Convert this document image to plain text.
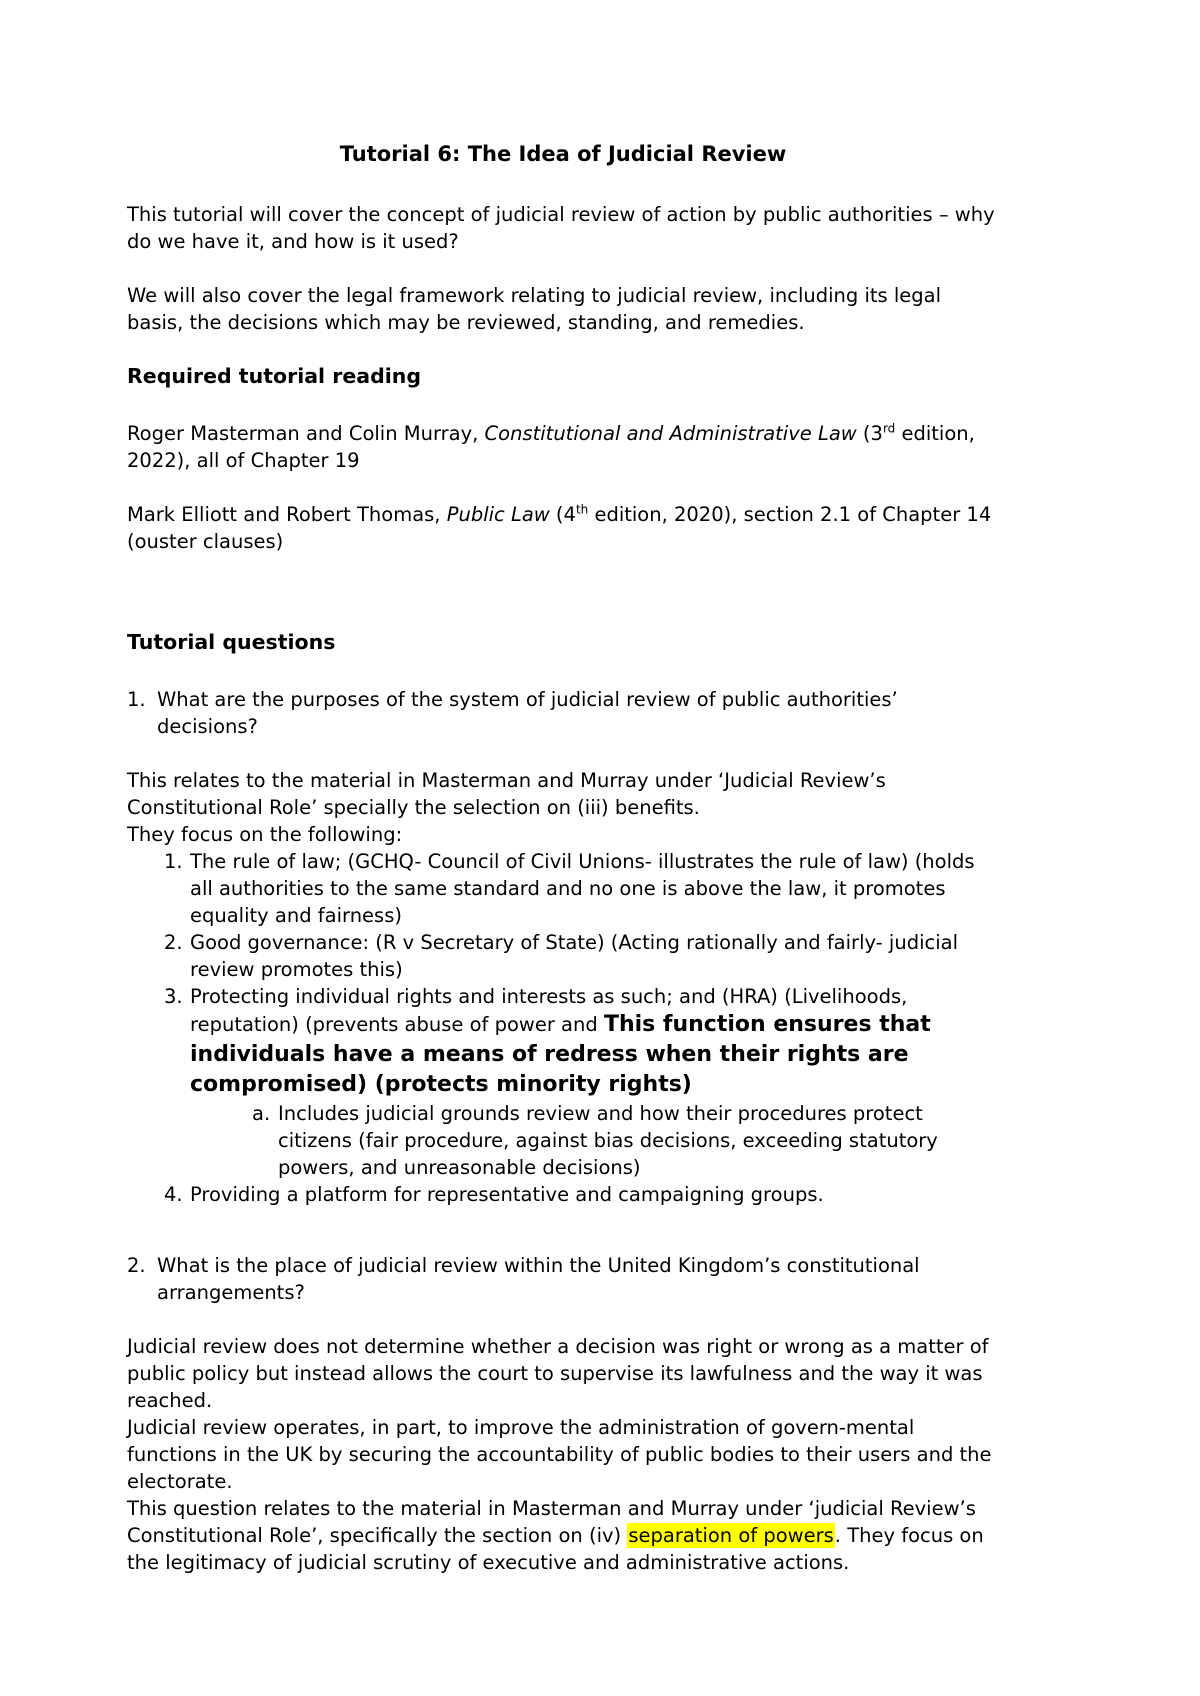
Tutorial 6: The Idea of Judicial Review

This tutorial will cover the concept of judicial review of action by public authorities – why do we have it, and how is it used?

We will also cover the legal framework relating to judicial review, including its legal basis, the decisions which may be reviewed, standing, and remedies.

Required tutorial reading

Roger Masterman and Colin Murray, Constitutional and Administrative Law (3rd edition, 2022), all of Chapter 19

Mark Elliott and Robert Thomas, Public Law (4th edition, 2020), section 2.1 of Chapter 14 (ouster clauses)

Tutorial questions
1. What are the purposes of the system of judicial review of public authorities’ decisions?

This relates to the material in Masterman and Murray under ‘Judicial Review’s Constitutional Role’ specially the selection on (iii) benefits.

They focus on the following:

1. The rule of law; (GCHQ- Council of Civil Unions- illustrates the rule of law) (holds all authorities to the same standard and no one is above the law, it promotes equality and fairness)
2. Good governance: (R v Secretary of State) (Acting rationally and fairly- judicial review promotes this)
3. Protecting individual rights and interests as such; and (HRA) (Livelihoods, reputation) (prevents abuse of power and This function ensures that individuals have a means of redress when their rights are compromised) (protects minority rights)
a. Includes judicial grounds review and how their procedures protect citizens (fair procedure, against bias decisions, exceeding statutory powers, and unreasonable decisions)
4. Providing a platform for representative and campaigning groups.
2. What is the place of judicial review within the United Kingdom’s constitutional arrangements?

Judicial review does not determine whether a decision was right or wrong as a matter of public policy but instead allows the court to supervise its lawfulness and the way it was reached.

Judicial review operates, in part, to improve the administration of govern-mental functions in the UK by securing the accountability of public bodies to their users and the electorate.

This question relates to the material in Masterman and Murray under ‘judicial Review’s Constitutional Role’, specifically the section on (iv) separation of powers. They focus on the legitimacy of judicial scrutiny of executive and administrative actions.
